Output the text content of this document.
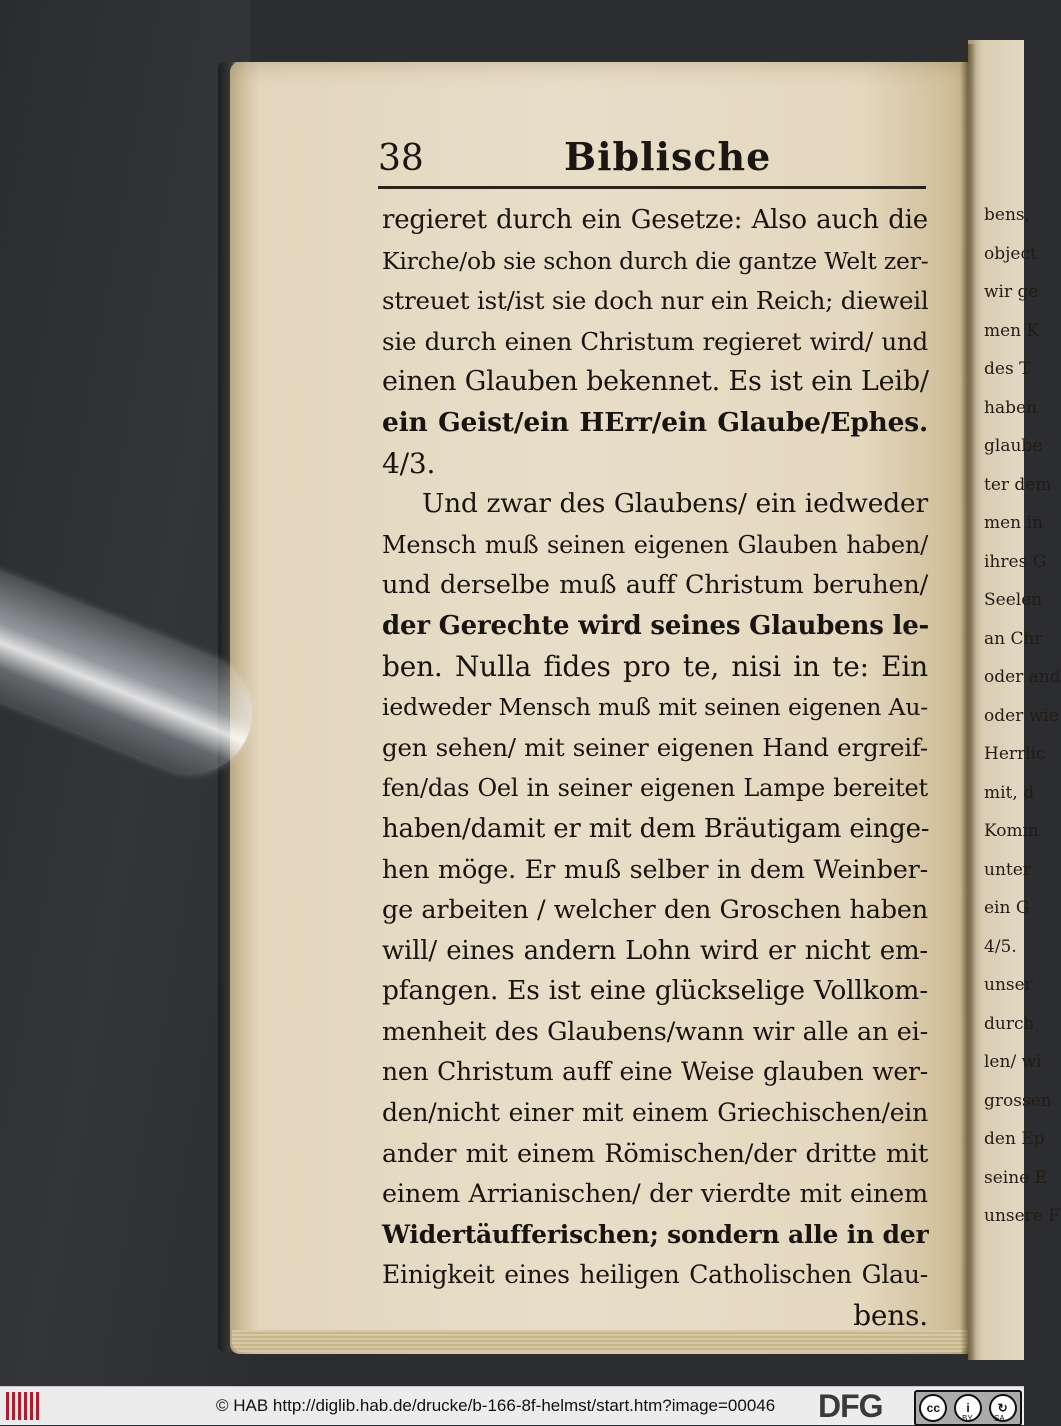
38	Biblische
regieret durch ein Gesetze: Also auch die
Kirche/ob sie schon durch die gantze Welt zer-
streuet ist/ist sie doch nur ein Reich; dieweil
sie durch einen Christum regieret wird/ und
einen Glauben bekennet. Es ist ein Leib/
ein Geist/ein HErr/ein Glaube/Ephes.
4/3.
Und zwar des Glaubens/ ein iedweder
Mensch muß seinen eigenen Glauben haben/
und derselbe muß auff Christum beruhen/
der Gerechte wird seines Glaubens le-
ben. Nulla fides pro te, nisi in te: Ein
iedweder Mensch muß mit seinen eigenen Au-
gen sehen/ mit seiner eigenen Hand ergreif-
fen/das Oel in seiner eigenen Lampe bereitet
haben/damit er mit dem Bräutigam einge-
hen möge. Er muß selber in dem Weinber-
ge arbeiten / welcher den Groschen haben
will/ eines andern Lohn wird er nicht em-
pfangen. Es ist eine glückselige Vollkom-
menheit des Glaubens/wann wir alle an ei-
nen Christum auff eine Weise glauben wer-
den/nicht einer mit einem Griechischen/ein
ander mit einem Römischen/der dritte mit
einem Arrianischen/ der vierdte mit einem
Widertäufferischen; sondern alle in der
Einigkeit eines heiligen Catholischen Glau-
bens.
bens,
object
wir ge
men K
des T
haben
glaube
ter dem
men in
ihres G
Seelen
an Chr
oder and
oder wie
Herrlic
mit, d
Komm
unter
ein G
4/5.
unser
durch
len/ wi
grossen
den Ep
seine E
unsere F
© HAB http://diglib.hab.de/drucke/b-166-8f-helmst/start.htm?image=00046 DFG	cc	i	↻
BY	SA
